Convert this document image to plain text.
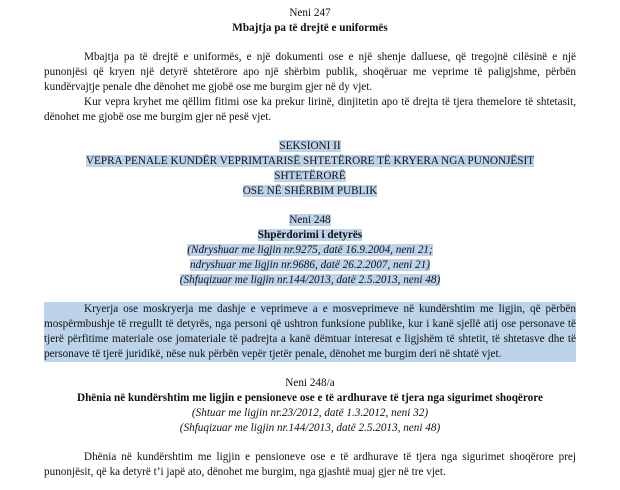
Neni 247

Mbajtja pa të drejtë e uniformës

Mbajtja pa të drejtë e uniformës, e një dokumenti ose e një shenje dalluese, që tregojnë cilësinë e një punonjësi që kryen një detyrë shtetërore apo një shërbim publik, shoqëruar me veprime të paligjshme, përbën kundërvajtje penale dhe dënohet me gjobë ose me burgim gjer në dy vjet.

Kur vepra kryhet me qëllim fitimi ose ka prekur lirinë, dinjitetin apo të drejta të tjera themelore të shtetasit, dënohet me gjobë ose me burgim gjer në pesë vjet.

SEKSIONI II

VEPRA PENALE KUNDËR VEPRIMTARISË SHTETËRORE TË KRYERA NGA PUNONJËSIT

SHTETËRORË

OSE NË SHËRBIM PUBLIK

Neni 248

Shpërdorimi i detyrës

(Ndryshuar me ligjin nr.9275, datë 16.9.2004, neni 21;

ndryshuar me ligjin nr.9686, datë 26.2.2007, neni 21)

(Shfuqizuar me ligjin nr.144/2013, datë 2.5.2013, neni 48)

Kryerja ose moskryerja me dashje e veprimeve a e mosveprimeve në kundërshtim me ligjin, që përbën mospërmbushje të rregullt të detyrës, nga personi që ushtron funksione publike, kur i kanë sjellë atij ose personave të tjerë përfitime materiale ose jomateriale të padrejta a kanë dëmtuar interesat e ligjshëm të shtetit, të shtetasve dhe të personave të tjerë juridikë, nëse nuk përbën vepër tjetër penale, dënohet me burgim deri në shtatë vjet.

Neni 248/a

Dhënia në kundërshtim me ligjin e pensioneve ose e të ardhurave të tjera nga sigurimet shoqërore

(Shtuar me ligjin nr.23/2012, datë 1.3.2012, neni 32)

(Shfuqizuar me ligjin nr.144/2013, datë 2.5.2013, neni 48)

Dhënia në kundërshtim me ligjin e pensioneve ose e të ardhurave të tjera nga sigurimet shoqërore prej punonjësit, që ka detyrë t’i japë ato, dënohet me burgim, nga gjashtë muaj gjer në tre vjet.
